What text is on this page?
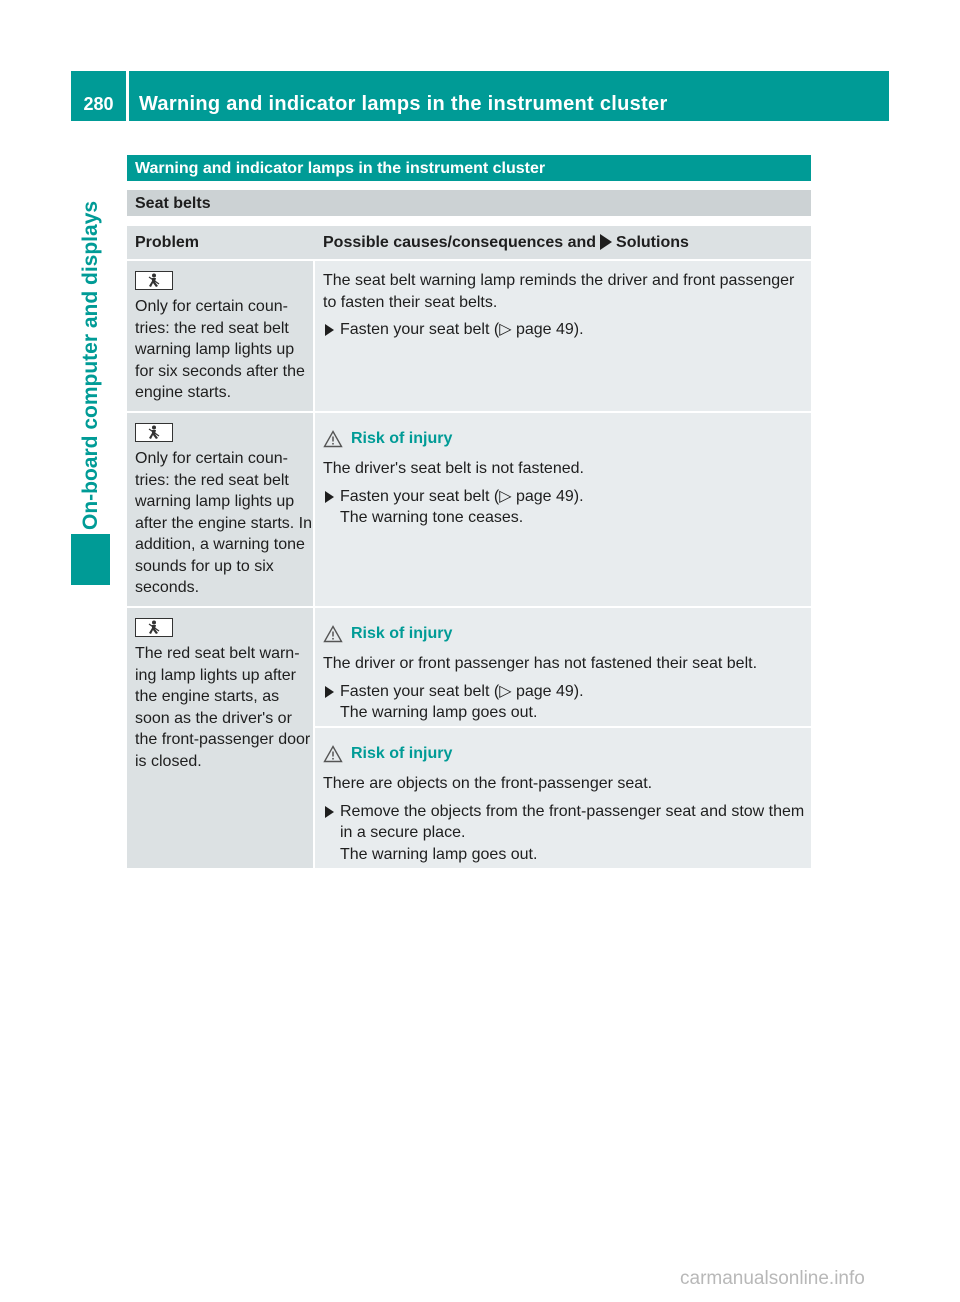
280	Warning and indicator lamps in the instrument cluster
On-board computer and displays
Warning and indicator lamps in the instrument cluster
Seat belts
Problem	Possible causes/consequences and Solutions

Only for certain coun-tries: the red seat belt warning lamp lights up for six seconds after the engine starts.

The seat belt warning lamp reminds the driver and front passenger to fasten their seat belts.

Fasten your seat belt (▷ page 49).

Only for certain coun-tries: the red seat belt warning lamp lights up after the engine starts. In addition, a warning tone sounds for up to six seconds.

Risk of injury

The driver's seat belt is not fastened.

Fasten your seat belt (▷ page 49).
The warning tone ceases.

The red seat belt warn-ing lamp lights up after the engine starts, as soon as the driver's or the front-passenger door is closed.

Risk of injury

The driver or front passenger has not fastened their seat belt.

Fasten your seat belt (▷ page 49).
The warning lamp goes out.
Risk of injury

There are objects on the front-passenger seat.

Remove the objects from the front-passenger seat and stow them in a secure place.
The warning lamp goes out.
carmanualsonline.info
